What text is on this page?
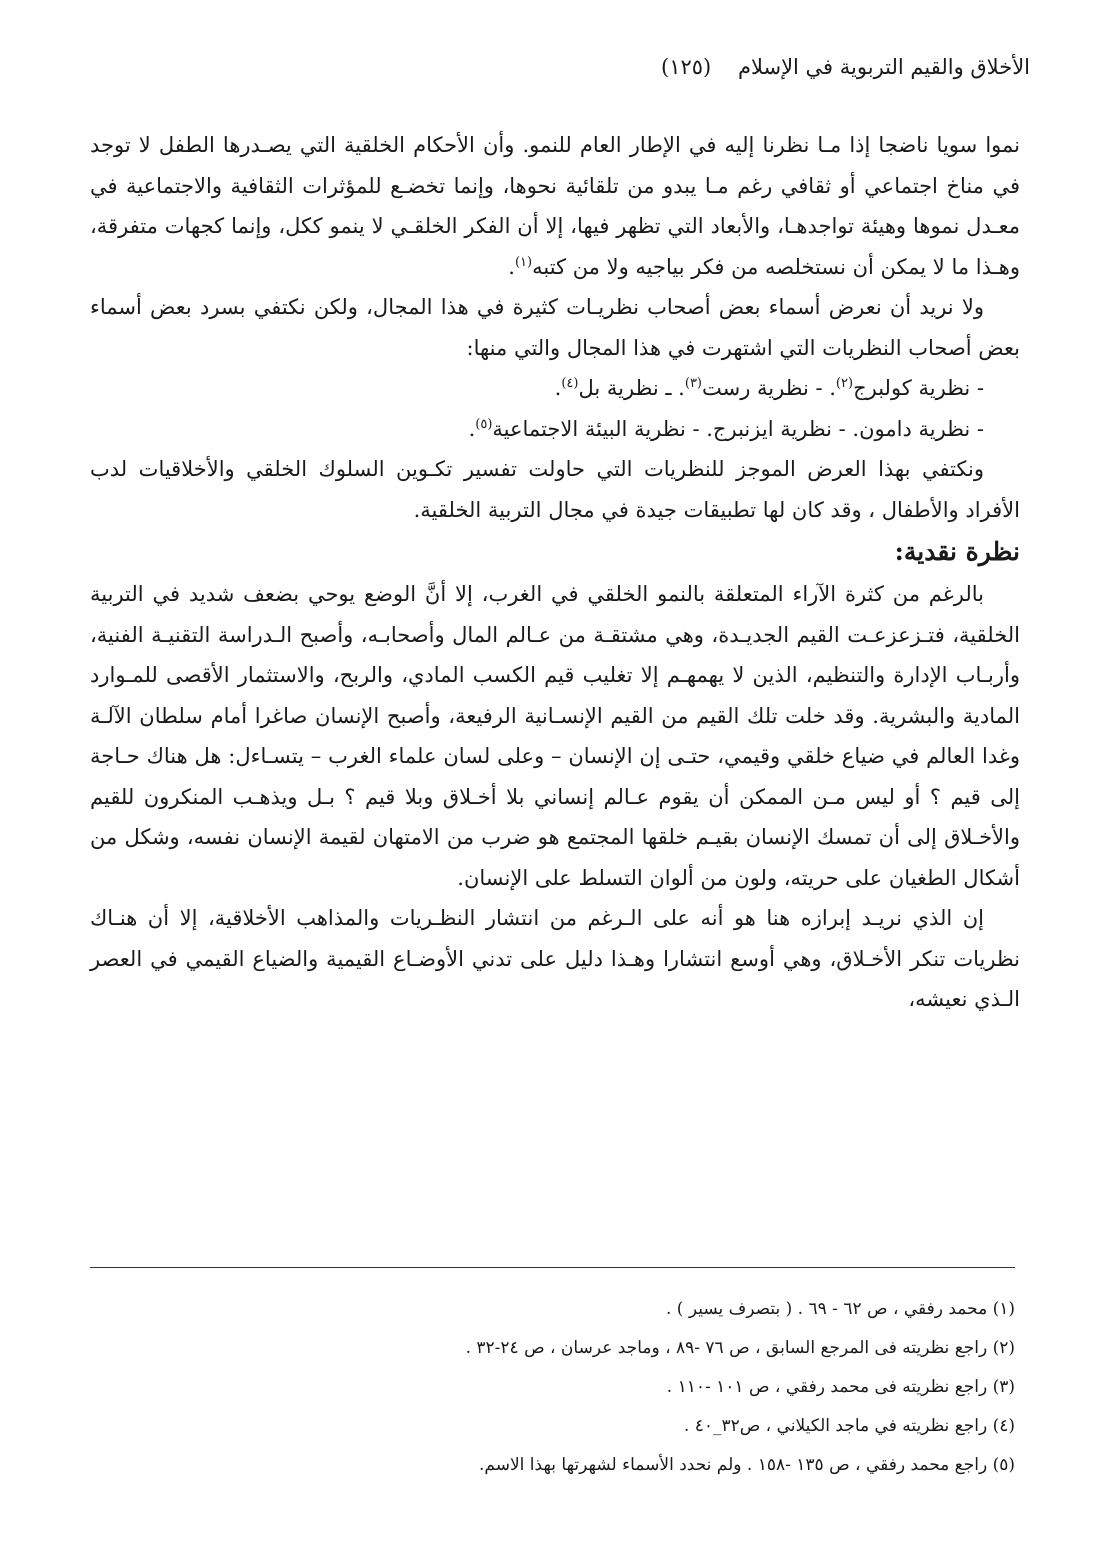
الأخلاق والقيم التربوية في الإسلام    (١٢٥)

نموا سويا ناضجا إذا مـا نظرنا إليه في الإطار العام للنمو. وأن الأحكام الخلقية التي يصـدرها الطفل لا توجد في مناخ اجتماعي أو ثقافي رغم مـا يبدو من تلقائية نحوها، وإنما تخضـع للمؤثرات الثقافية والاجتماعية في معـدل نموها وهيئة تواجدهـا، والأبعاد التي تظهر فيها، إلا أن الفكر الخلقـي لا ينمو ككل، وإنما كجهات متفرقة، وهـذا ما لا يمكن أن نستخلصه من فكر بياجيه ولا من كتبه$^{(١)}$.

ولا نريد أن نعرض أسماء بعض أصحاب نظريـات كثيرة في هذا المجال، ولكن نكتفي بسرد بعض أسماء بعض أصحاب النظريات التي اشتهرت في هذا المجال والتي منها:

- نظرية كولبرج$^{(٢)}$. - نظرية رست$^{(٣)}$. ـ نظرية بل$^{(٤)}$.

- نظرية دامون. - نظرية ايزنبرج. - نظرية البيئة الاجتماعية$^{(٥)}$.

ونكتفي بهذا العرض الموجز للنظريات التي حاولت تفسير تكـوين السلوك الخلقي والأخلاقيات لدب الأفراد والأطفال ، وقد كان لها تطبيقات جيدة في مجال التربية الخلقية.

نظرة نقدية:

بالرغم من كثرة الآراء المتعلقة بالنمو الخلقي في الغرب، إلا أنَّ الوضع يوحي بضعف شديد في التربية الخلقية، فتـزعزعـت القيم الجديـدة، وهي مشتقـة من عـالم المال وأصحابـه، وأصبح الـدراسة التقنيـة الفنية، وأربـاب الإدارة والتنظيم، الذين لا يهمهـم إلا تغليب قيم الكسب المادي، والربح، والاستثمار الأقصى للمـوارد المادية والبشرية. وقد خلت تلك القيم من القيم الإنسـانية الرفيعة، وأصبح الإنسان صاغرا أمام سلطان الآلـة وغدا العالم في ضياع خلقي وقيمي، حتـى إن الإنسان – وعلى لسان علماء الغرب – يتسـاءل: هل هناك حـاجة إلى قيم ؟ أو ليس مـن الممكن أن يقوم عـالم إنساني بلا أخـلاق وبلا قيم ؟ بـل ويذهـب المنكرون للقيم والأخـلاق إلى أن تمسك الإنسان بقيـم خلقها المجتمع هو ضرب من الامتهان لقيمة الإنسان نفسه، وشكل من أشكال الطغيان على حريته، ولون من ألوان التسلط على الإنسان.

إن الذي نريـد إبرازه هنا هو أنه على الـرغم من انتشار النظـريات والمذاهب الأخلاقية، إلا أن هنـاك نظريات تنكر الأخـلاق، وهي أوسع انتشارا وهـذا دليل على تدني الأوضـاع القيمية والضياع القيمي في العصر الـذي نعيشه،

(١) محمد رفقي ، ص ٦٢ - ٦٩ . ( بتصرف يسير ) .
(٢) راجع نظريته فى المرجع السابق ، ص ٧٦ -٨٩ ، وماجد عرسان ، ص ٢٤-٣٢ .
(٣) راجع نظريته فى محمد رفقي ، ص ١٠١ -١١٠ .
(٤) راجع نظريته في ماجد الكيلاني ، ص٣٢_٤٠ .
(٥) راجع محمد رفقي ، ص ١٣٥ -١٥٨ . ولم نحدد الأسماء لشهرتها بهذا الاسم.
